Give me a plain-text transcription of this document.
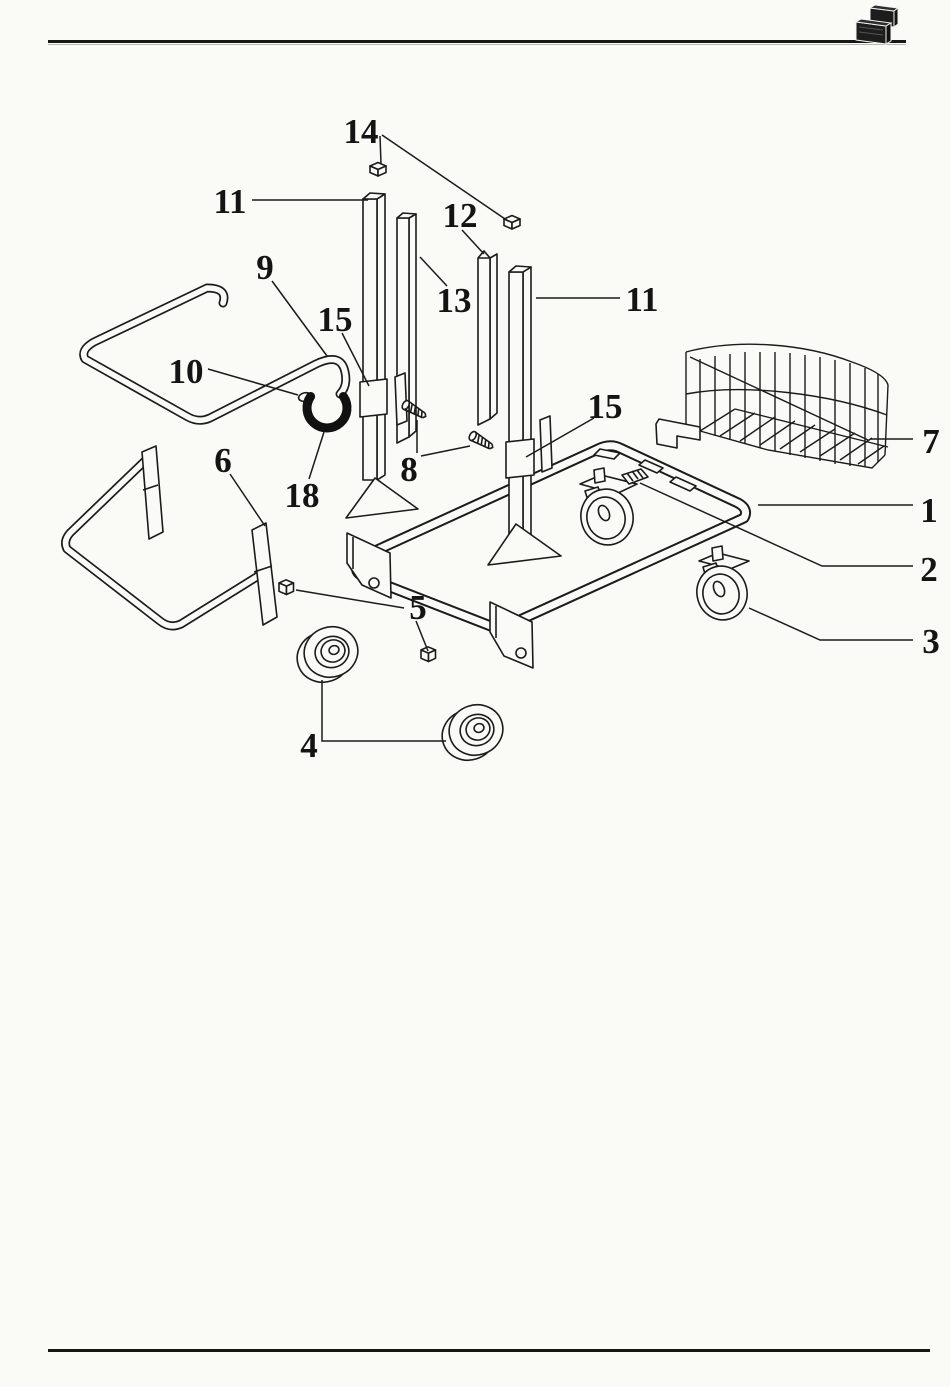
14
11	12
13	11
9
15
10
18
8
15
6
5
4
7
1
2
3
